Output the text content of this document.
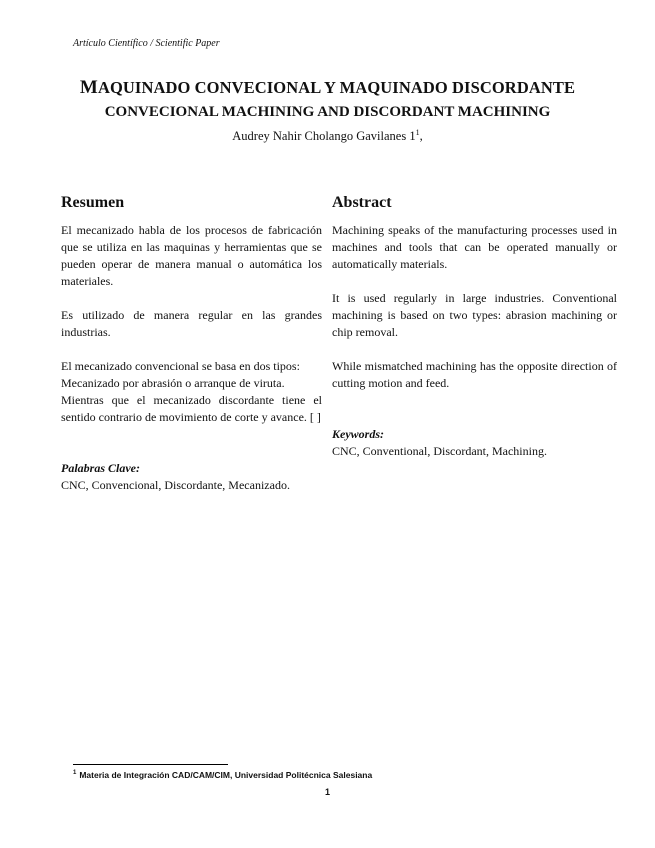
Artículo Científico / Scientific Paper
MAQUINADO CONVECIONAL Y MAQUINADO DISCORDANTE
CONVECIONAL MACHINING AND DISCORDANT MACHINING
Audrey Nahir Cholango Gavilanes $1^1$,

Resumen

El mecanizado habla de los procesos de fabricación que se utiliza en las maquinas y herramientas que se pueden operar de manera manual o automática los materiales.

Es utilizado de manera regular en las grandes industrias.

El mecanizado convencional se basa en dos tipos:

Mecanizado por abrasión o arranque de viruta.

Mientras que el mecanizado discordante tiene el sentido contrario de movimiento de corte y avance. [ ]

Palabras Clave:

CNC, Convencional, Discordante, Mecanizado.

Abstract

Machining speaks of the manufacturing processes used in machines and tools that can be operated manually or automatically materials.

It is used regularly in large industries. Conventional machining is based on two types: abrasion machining or chip removal.

While mismatched machining has the opposite direction of cutting motion and feed.

Keywords:

CNC, Conventional, Discordant, Machining.

$^1$ Materia de Integración CAD/CAM/CIM, Universidad Politécnica Salesiana
1
